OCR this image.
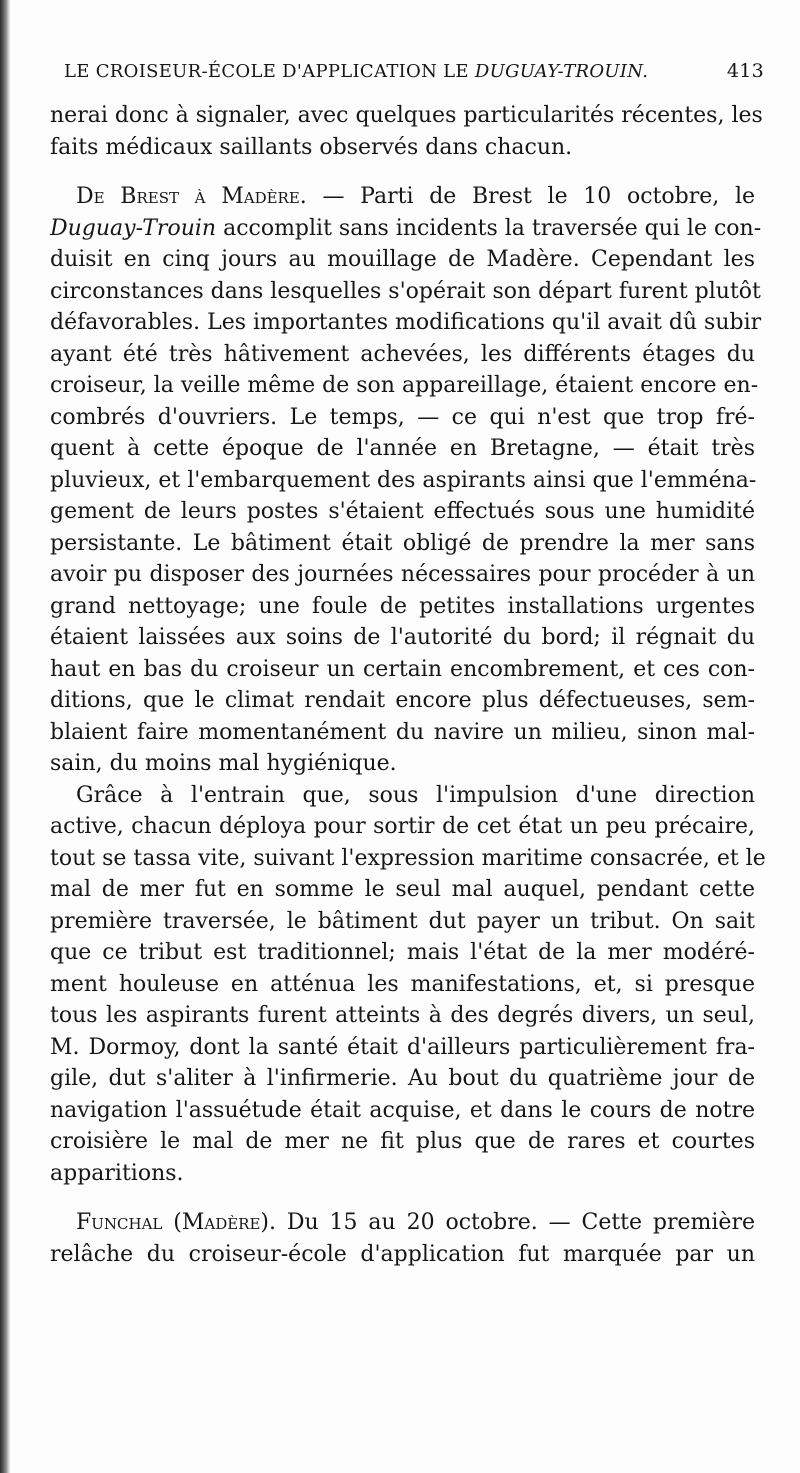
LE CROISEUR-ÉCOLE D'APPLICATION LE DUGUAY-TROUIN.	413
nerai donc à signaler, avec quelques particularités récentes, les
faits médicaux saillants observés dans chacun.
De Brest à Madère. — Parti de Brest le 10 octobre, le
Duguay-Trouin accomplit sans incidents la traversée qui le con-
duisit en cinq jours au mouillage de Madère. Cependant les
circonstances dans lesquelles s'opérait son départ furent plutôt
défavorables. Les importantes modifications qu'il avait dû subir
ayant été très hâtivement achevées, les différents étages du
croiseur, la veille même de son appareillage, étaient encore en-
combrés d'ouvriers. Le temps, — ce qui n'est que trop fré-
quent à cette époque de l'année en Bretagne, — était très
pluvieux, et l'embarquement des aspirants ainsi que l'emména-
gement de leurs postes s'étaient effectués sous une humidité
persistante. Le bâtiment était obligé de prendre la mer sans
avoir pu disposer des journées nécessaires pour procéder à un
grand nettoyage; une foule de petites installations urgentes
étaient laissées aux soins de l'autorité du bord; il régnait du
haut en bas du croiseur un certain encombrement, et ces con-
ditions, que le climat rendait encore plus défectueuses, sem-
blaient faire momentanément du navire un milieu, sinon mal-
sain, du moins mal hygiénique.
Grâce à l'entrain que, sous l'impulsion d'une direction
active, chacun déploya pour sortir de cet état un peu précaire,
tout se tassa vite, suivant l'expression maritime consacrée, et le
mal de mer fut en somme le seul mal auquel, pendant cette
première traversée, le bâtiment dut payer un tribut. On sait
que ce tribut est traditionnel; mais l'état de la mer modéré-
ment houleuse en atténua les manifestations, et, si presque
tous les aspirants furent atteints à des degrés divers, un seul,
M. Dormoy, dont la santé était d'ailleurs particulièrement fra-
gile, dut s'aliter à l'infirmerie. Au bout du quatrième jour de
navigation l'assuétude était acquise, et dans le cours de notre
croisière le mal de mer ne fit plus que de rares et courtes
apparitions.
Funchal (Madère). Du 15 au 20 octobre. — Cette première
relâche du croiseur-école d'application fut marquée par un
